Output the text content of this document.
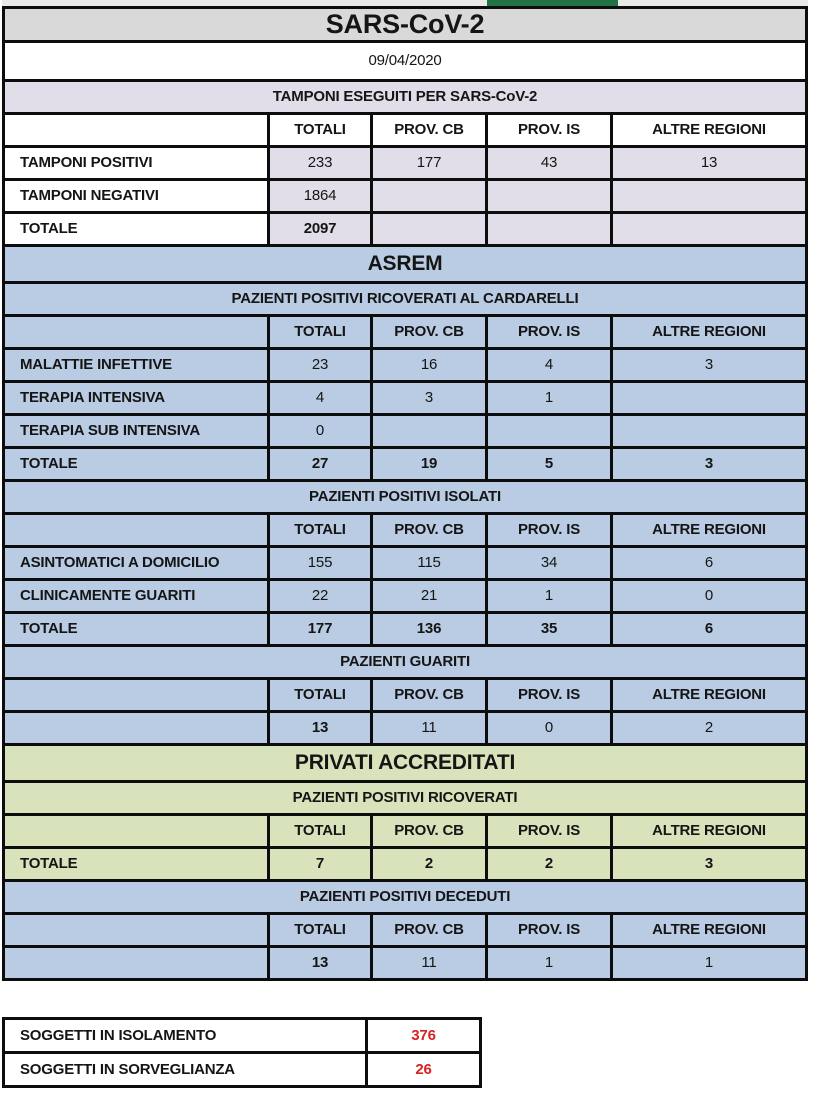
SARS-CoV-2
09/04/2020
TAMPONI ESEGUITI PER SARS-CoV-2
TOTALI	PROV. CB	PROV. IS	ALTRE REGIONI
TAMPONI POSITIVI	233	177	43	13
TAMPONI NEGATIVI	1864
TOTALE	2097
ASREM
PAZIENTI POSITIVI RICOVERATI AL CARDARELLI
TOTALI	PROV. CB	PROV. IS	ALTRE REGIONI
MALATTIE INFETTIVE	23	16	4	3
TERAPIA INTENSIVA	4	3	1
TERAPIA SUB INTENSIVA	0
TOTALE	27	19	5	3
PAZIENTI POSITIVI ISOLATI
TOTALI	PROV. CB	PROV. IS	ALTRE REGIONI
ASINTOMATICI A DOMICILIO	155	115	34	6
CLINICAMENTE GUARITI	22	21	1	0
TOTALE	177	136	35	6
PAZIENTI GUARITI
TOTALI	PROV. CB	PROV. IS	ALTRE REGIONI
13	11	0	2
PRIVATI ACCREDITATI
PAZIENTI POSITIVI RICOVERATI
TOTALI	PROV. CB	PROV. IS	ALTRE REGIONI
TOTALE	7	2	2	3
PAZIENTI POSITIVI DECEDUTI
TOTALI	PROV. CB	PROV. IS	ALTRE REGIONI
13	11	1	1
SOGGETTI IN ISOLAMENTO	376
SOGGETTI IN SORVEGLIANZA	26
